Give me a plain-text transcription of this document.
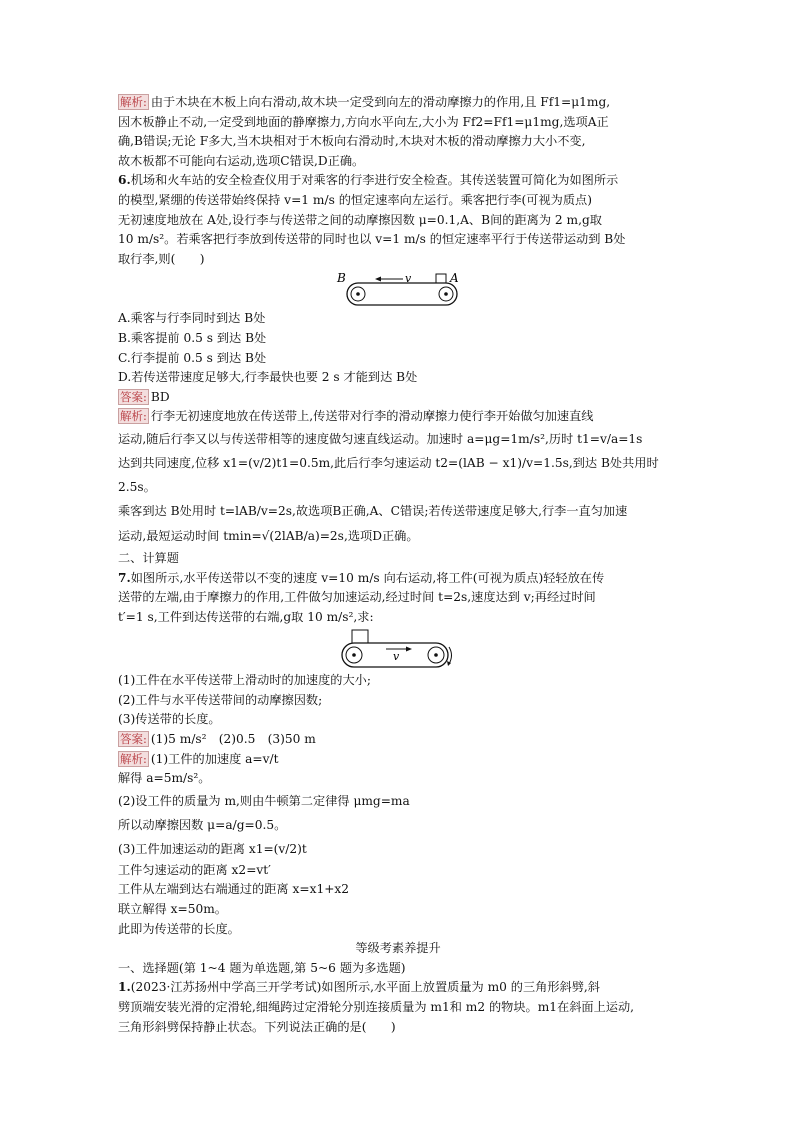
解析: 由于木块在木板上向右滑动,故木块一定受到向左的滑动摩擦力的作用,且 Ff1=μ1mg,

因木板静止不动,一定受到地面的静摩擦力,方向水平向左,大小为 Ff2=Ff1=μ1mg,选项A正

确,B错误;无论 F多大,当木块相对于木板向右滑动时,木块对木板的滑动摩擦力大小不变,

故木板都不可能向右运动,选项C错误,D正确。

6.机场和火车站的安全检查仪用于对乘客的行李进行安全检查。其传送装置可简化为如图所示

的模型,紧绷的传送带始终保持 v=1 m/s 的恒定速率向左运行。乘客把行李(可视为质点)

无初速度地放在 A处,设行李与传送带之间的动摩擦因数 μ=0.1,A、B间的距离为 2 m,g取

10 m/s²。若乘客把行李放到传送带的同时也以 v=1 m/s 的恒定速率平行于传送带运动到 B处

取行李,则(　　)

B	A
v

A.乘客与行李同时到达 B处

B.乘客提前 0.5 s 到达 B处

C.行李提前 0.5 s 到达 B处

D.若传送带速度足够大,行李最快也要 2 s 才能到达 B处

答案: BD

解析: 行李无初速度地放在传送带上,传送带对行李的滑动摩擦力使行李开始做匀加速直线

运动,随后行李又以与传送带相等的速度做匀速直线运动。加速时 a=μg=1m/s²,历时 t1=v/a=1s

达到共同速度,位移 x1=(v/2)t1=0.5m,此后行李匀速运动 t2=(lAB − x1)/v=1.5s,到达 B处共用时 2.5s。

乘客到达 B处用时 t=lAB/v=2s,故选项B正确,A、C错误;若传送带速度足够大,行李一直匀加速

运动,最短运动时间 tmin=√(2lAB/a)=2s,选项D正确。

二、计算题

7.如图所示,水平传送带以不变的速度 v=10 m/s 向右运动,将工件(可视为质点)轻轻放在传

送带的左端,由于摩擦力的作用,工件做匀加速运动,经过时间 t=2s,速度达到 v;再经过时间

t′=1 s,工件到达传送带的右端,g取 10 m/s²,求:

v

(1)工件在水平传送带上滑动时的加速度的大小;

(2)工件与水平传送带间的动摩擦因数;

(3)传送带的长度。

答案: (1)5 m/s²　(2)0.5　(3)50 m

解析: (1)工件的加速度 a=v/t

解得 a=5m/s²。

(2)设工件的质量为 m,则由牛顿第二定律得 μmg=ma

所以动摩擦因数 μ=a/g=0.5。

(3)工件加速运动的距离 x1=(v/2)t

工件匀速运动的距离 x2=vt′

工件从左端到达右端通过的距离 x=x1+x2

联立解得 x=50m。

此即为传送带的长度。

等级考素养提升

一、选择题(第 1~4 题为单选题,第 5~6 题为多选题)

1.(2023·江苏扬州中学高三开学考试)如图所示,水平面上放置质量为 m0 的三角形斜劈,斜

劈顶端安装光滑的定滑轮,细绳跨过定滑轮分别连接质量为 m1和 m2 的物块。m1在斜面上运动,

三角形斜劈保持静止状态。下列说法正确的是(　　)
